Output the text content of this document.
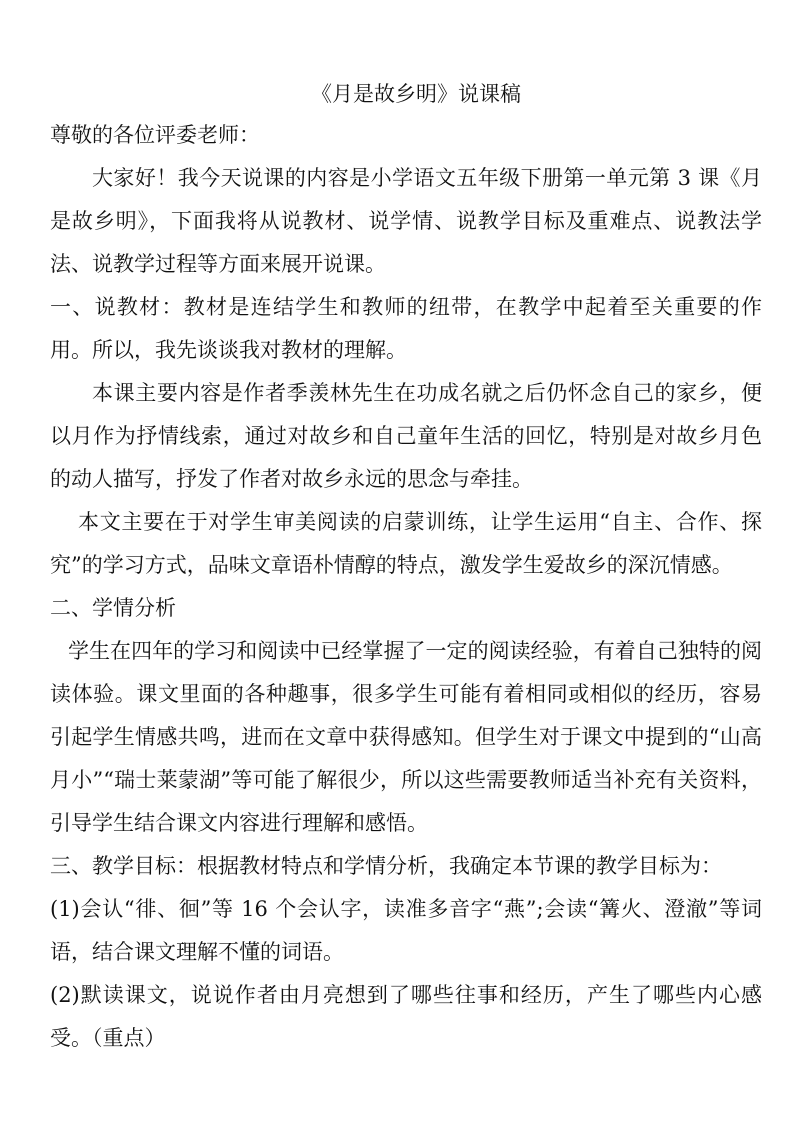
《月是故乡明》说课稿

尊敬的各位评委老师：

大家好！我今天说课的内容是小学语文五年级下册第一单元第 3 课《月是故乡明》，下面我将从说教材、说学情、说教学目标及重难点、说教法学法、说教学过程等方面来展开说课。

一、说教材：教材是连结学生和教师的纽带，在教学中起着至关重要的作用。所以，我先谈谈我对教材的理解。

本课主要内容是作者季羡林先生在功成名就之后仍怀念自己的家乡，便以月作为抒情线索，通过对故乡和自己童年生活的回忆，特别是对故乡月色的动人描写，抒发了作者对故乡永远的思念与牵挂。

本文主要在于对学生审美阅读的启蒙训练，让学生运用“自主、合作、探究”的学习方式，品味文章语朴情醇的特点，激发学生爱故乡的深沉情感。

二、学情分析

学生在四年的学习和阅读中已经掌握了一定的阅读经验，有着自己独特的阅读体验。课文里面的各种趣事，很多学生可能有着相同或相似的经历，容易引起学生情感共鸣，进而在文章中获得感知。但学生对于课文中提到的“山高月小”“瑞士莱蒙湖”等可能了解很少，所以这些需要教师适当补充有关资料，引导学生结合课文内容进行理解和感悟。

三、教学目标：根据教材特点和学情分析，我确定本节课的教学目标为：

(1)会认“徘、徊”等 16 个会认字，读准多音字“燕”;会读“篝火、澄澈”等词语，结合课文理解不懂的词语。

(2)默读课文，说说作者由月亮想到了哪些往事和经历，产生了哪些内心感受。（重点）
